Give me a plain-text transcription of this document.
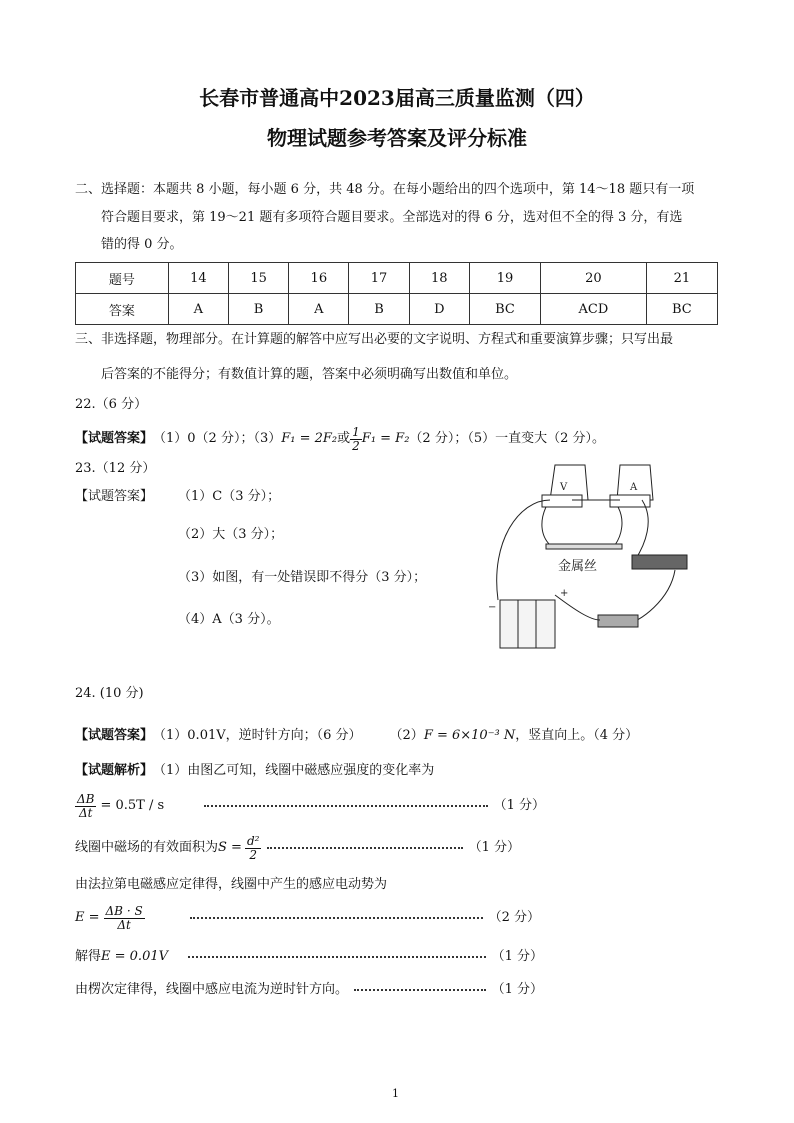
长春市普通高中2023届高三质量监测（四）
物理试题参考答案及评分标准
二、选择题：本题共 8 小题，每小题 6 分，共 48 分。在每小题给出的四个选项中，第 14～18 题只有一项
符合题目要求，第 19～21 题有多项符合题目要求。全部选对的得 6 分，选对但不全的得 3 分，有选
错的得 0 分。
题号	14	15	16	17	18	19	20	21
答案	A	B	A	B	D	BC	ACD	BC
三、非选择题，物理部分。在计算题的解答中应写出必要的文字说明、方程式和重要演算步骤；只写出最
后答案的不能得分；有数值计算的题，答案中必须明确写出数值和单位。
22.（6 分）
【试题答案】 （1）0（2 分）；（3） F₁ = 2F₂ 或 $\frac{1}{2} F_1 = F_2$ （2 分）；（5）一直变大（2 分）。
23.（12 分）
【试题答案】 （1）C（3 分）；
（2）大（3 分）；
（3）如图，有一处错误即不得分（3 分）；
（4）A（3 分）。
V	A
金属丝
−
+
24. (10 分)
【试题答案】 （1）0.01V，逆时针方向；（6 分） （2） F = 6×10⁻³ N ，竖直向上。（4 分）
【试题解析】 （1）由图乙可知，线圈中磁感应强度的变化率为
$\frac{\Delta B}{\Delta t} = 0.5T / s$	（1 分）
线圈中磁场的有效面积为 $S = \frac{\text{d²}}{2}$	（1 分）
由法拉第电磁感应定律得，线圈中产生的感应电动势为
$E = \frac{\Delta B \cdot S}{\Delta t}$	（2 分）
解得 E = 0.01V	（1 分）
由楞次定律得，线圈中感应电流为逆时针方向。	（1 分）
1
